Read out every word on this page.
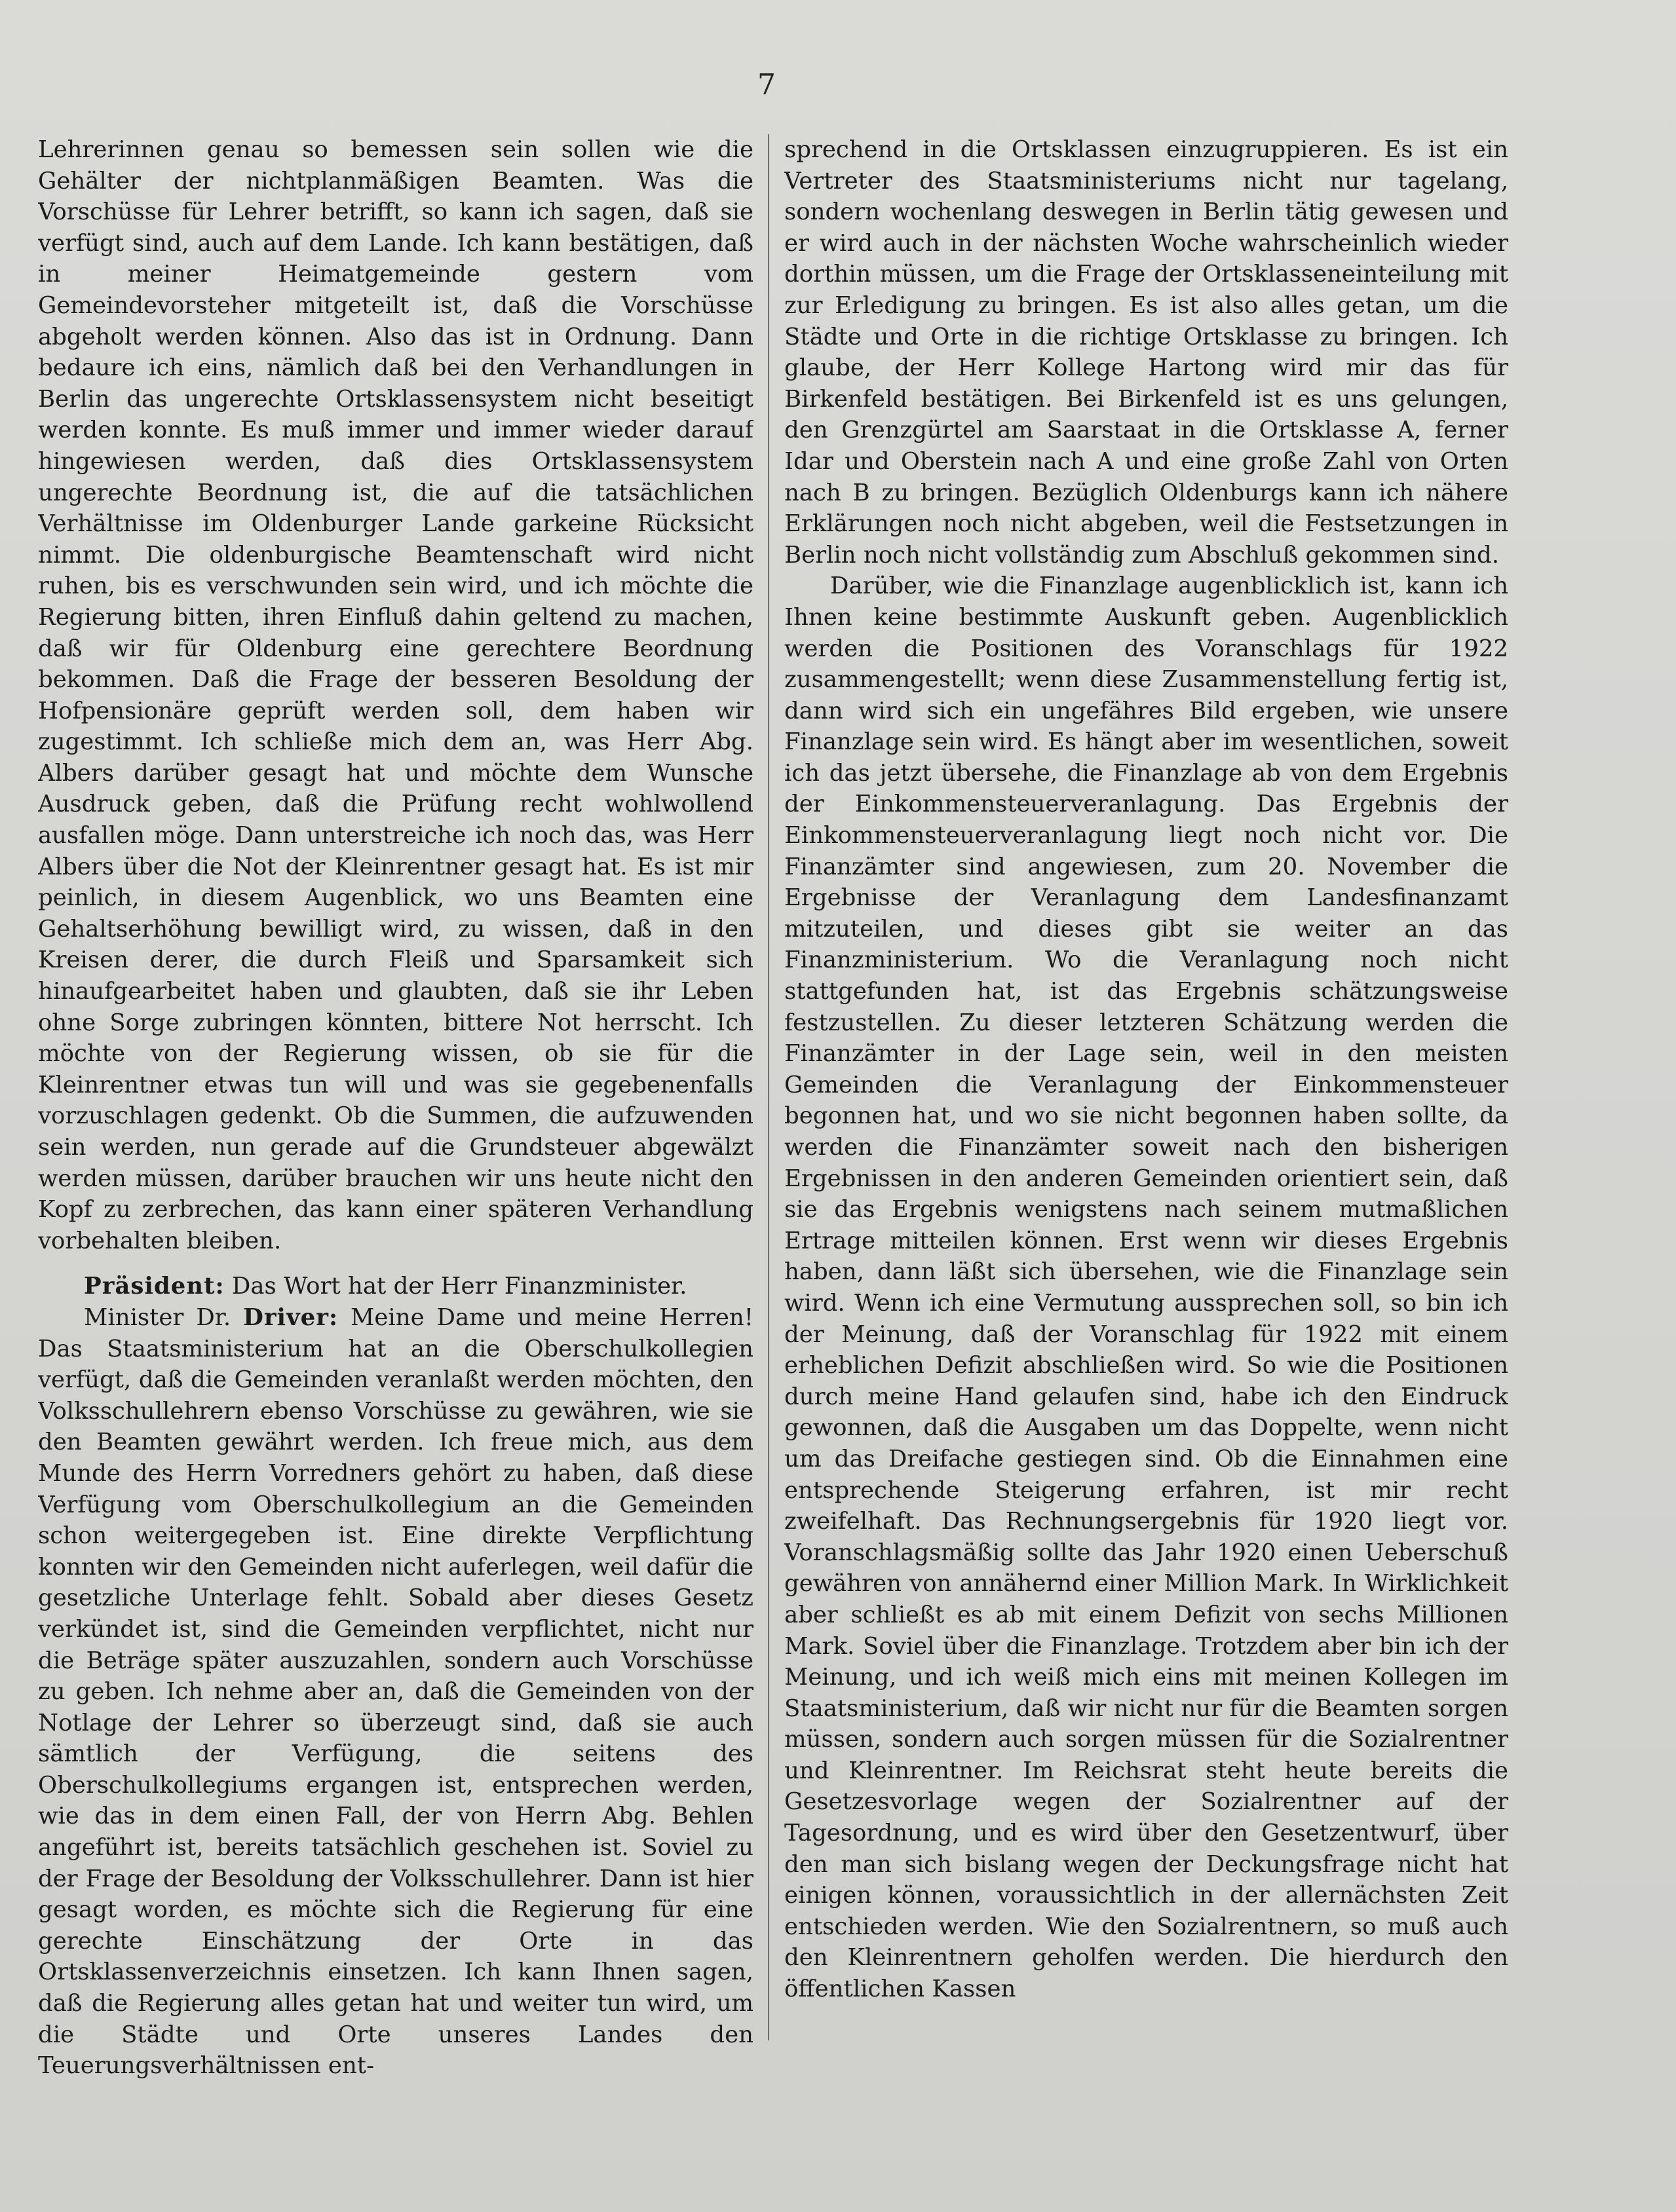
7

Lehrerinnen genau so bemessen sein sollen wie die Gehälter der nichtplanmäßigen Beamten. Was die Vorschüsse für Lehrer betrifft, so kann ich sagen, daß sie verfügt sind, auch auf dem Lande. Ich kann bestätigen, daß in meiner Heimatgemeinde gestern vom Gemeindevorsteher mitgeteilt ist, daß die Vorschüsse abgeholt werden können. Also das ist in Ordnung. Dann bedaure ich eins, nämlich daß bei den Verhandlungen in Berlin das ungerechte Ortsklassensystem nicht beseitigt werden konnte. Es muß immer und immer wieder darauf hingewiesen werden, daß dies Ortsklassensystem ungerechte Beordnung ist, die auf die tatsächlichen Verhältnisse im Oldenburger Lande garkeine Rücksicht nimmt. Die oldenburgische Beamtenschaft wird nicht ruhen, bis es verschwunden sein wird, und ich möchte die Regierung bitten, ihren Einfluß dahin geltend zu machen, daß wir für Oldenburg eine gerechtere Beordnung bekommen. Daß die Frage der besseren Besoldung der Hofpensionäre geprüft werden soll, dem haben wir zugestimmt. Ich schließe mich dem an, was Herr Abg. Albers darüber gesagt hat und möchte dem Wunsche Ausdruck geben, daß die Prüfung recht wohlwollend ausfallen möge. Dann unterstreiche ich noch das, was Herr Albers über die Not der Kleinrentner gesagt hat. Es ist mir peinlich, in diesem Augenblick, wo uns Beamten eine Gehaltserhöhung bewilligt wird, zu wissen, daß in den Kreisen derer, die durch Fleiß und Sparsamkeit sich hinaufgearbeitet haben und glaubten, daß sie ihr Leben ohne Sorge zubringen könnten, bittere Not herrscht. Ich möchte von der Regierung wissen, ob sie für die Kleinrentner etwas tun will und was sie gegebenenfalls vorzuschlagen gedenkt. Ob die Summen, die aufzuwenden sein werden, nun gerade auf die Grundsteuer abgewälzt werden müssen, darüber brauchen wir uns heute nicht den Kopf zu zerbrechen, das kann einer späteren Verhandlung vorbehalten bleiben.

Präsident: Das Wort hat der Herr Finanzminister.

Minister Dr. Driver: Meine Dame und meine Herren! Das Staatsministerium hat an die Oberschulkollegien verfügt, daß die Gemeinden veranlaßt werden möchten, den Volksschullehrern ebenso Vorschüsse zu gewähren, wie sie den Beamten gewährt werden. Ich freue mich, aus dem Munde des Herrn Vorredners gehört zu haben, daß diese Verfügung vom Oberschulkollegium an die Gemeinden schon weitergegeben ist. Eine direkte Verpflichtung konnten wir den Gemeinden nicht auferlegen, weil dafür die gesetzliche Unterlage fehlt. Sobald aber dieses Gesetz verkündet ist, sind die Gemeinden verpflichtet, nicht nur die Beträge später auszuzahlen, sondern auch Vorschüsse zu geben. Ich nehme aber an, daß die Gemeinden von der Notlage der Lehrer so überzeugt sind, daß sie auch sämtlich der Verfügung, die seitens des Oberschulkollegiums ergangen ist, entsprechen werden, wie das in dem einen Fall, der von Herrn Abg. Behlen angeführt ist, bereits tatsächlich geschehen ist. Soviel zu der Frage der Besoldung der Volksschullehrer. Dann ist hier gesagt worden, es möchte sich die Regierung für eine gerechte Einschätzung der Orte in das Ortsklassenverzeichnis einsetzen. Ich kann Ihnen sagen, daß die Regierung alles getan hat und weiter tun wird, um die Städte und Orte unseres Landes den Teuerungsverhältnissen ent-

sprechend in die Ortsklassen einzugruppieren. Es ist ein Vertreter des Staatsministeriums nicht nur tagelang, sondern wochenlang deswegen in Berlin tätig gewesen und er wird auch in der nächsten Woche wahrscheinlich wieder dorthin müssen, um die Frage der Ortsklasseneinteilung mit zur Erledigung zu bringen. Es ist also alles getan, um die Städte und Orte in die richtige Ortsklasse zu bringen. Ich glaube, der Herr Kollege Hartong wird mir das für Birkenfeld bestätigen. Bei Birkenfeld ist es uns gelungen, den Grenzgürtel am Saarstaat in die Ortsklasse A, ferner Idar und Oberstein nach A und eine große Zahl von Orten nach B zu bringen. Bezüglich Oldenburgs kann ich nähere Erklärungen noch nicht abgeben, weil die Festsetzungen in Berlin noch nicht vollständig zum Abschluß gekommen sind.

Darüber, wie die Finanzlage augenblicklich ist, kann ich Ihnen keine bestimmte Auskunft geben. Augenblicklich werden die Positionen des Voranschlags für 1922 zusammengestellt; wenn diese Zusammenstellung fertig ist, dann wird sich ein ungefähres Bild ergeben, wie unsere Finanzlage sein wird. Es hängt aber im wesentlichen, soweit ich das jetzt übersehe, die Finanzlage ab von dem Ergebnis der Einkommensteuerveranlagung. Das Ergebnis der Einkommensteuerveranlagung liegt noch nicht vor. Die Finanzämter sind angewiesen, zum 20. November die Ergebnisse der Veranlagung dem Landesfinanzamt mitzuteilen, und dieses gibt sie weiter an das Finanzministerium. Wo die Veranlagung noch nicht stattgefunden hat, ist das Ergebnis schätzungsweise festzustellen. Zu dieser letzteren Schätzung werden die Finanzämter in der Lage sein, weil in den meisten Gemeinden die Veranlagung der Einkommensteuer begonnen hat, und wo sie nicht begonnen haben sollte, da werden die Finanzämter soweit nach den bisherigen Ergebnissen in den anderen Gemeinden orientiert sein, daß sie das Ergebnis wenigstens nach seinem mutmaßlichen Ertrage mitteilen können. Erst wenn wir dieses Ergebnis haben, dann läßt sich übersehen, wie die Finanzlage sein wird. Wenn ich eine Vermutung aussprechen soll, so bin ich der Meinung, daß der Voranschlag für 1922 mit einem erheblichen Defizit abschließen wird. So wie die Positionen durch meine Hand gelaufen sind, habe ich den Eindruck gewonnen, daß die Ausgaben um das Doppelte, wenn nicht um das Dreifache gestiegen sind. Ob die Einnahmen eine entsprechende Steigerung erfahren, ist mir recht zweifelhaft. Das Rechnungsergebnis für 1920 liegt vor. Voranschlagsmäßig sollte das Jahr 1920 einen Ueberschuß gewähren von annähernd einer Million Mark. In Wirklichkeit aber schließt es ab mit einem Defizit von sechs Millionen Mark. Soviel über die Finanzlage. Trotzdem aber bin ich der Meinung, und ich weiß mich eins mit meinen Kollegen im Staatsministerium, daß wir nicht nur für die Beamten sorgen müssen, sondern auch sorgen müssen für die Sozialrentner und Kleinrentner. Im Reichsrat steht heute bereits die Gesetzesvorlage wegen der Sozialrentner auf der Tagesordnung, und es wird über den Gesetzentwurf, über den man sich bislang wegen der Deckungsfrage nicht hat einigen können, voraussichtlich in der allernächsten Zeit entschieden werden. Wie den Sozialrentnern, so muß auch den Kleinrentnern geholfen werden. Die hierdurch den öffentlichen Kassen
